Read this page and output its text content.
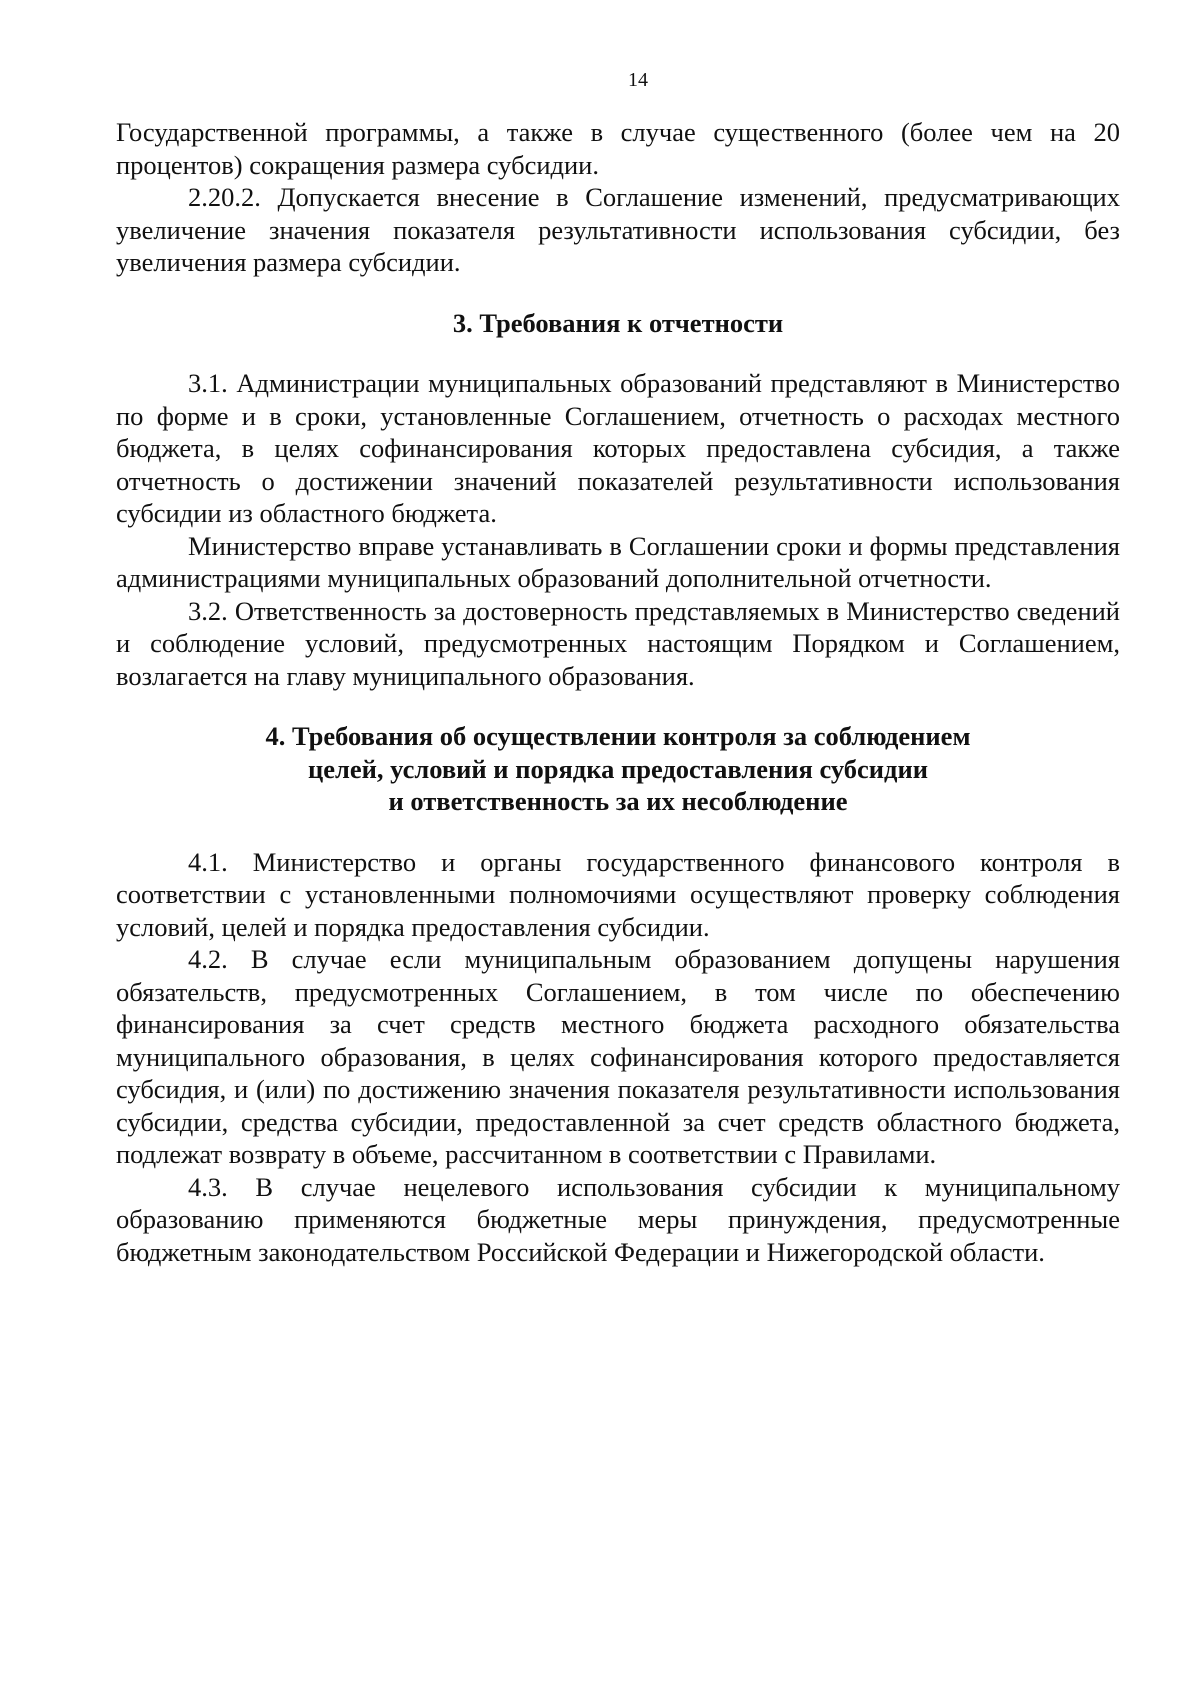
14

Государственной программы, а также в случае существенного (более чем на 20 процентов) сокращения размера субсидии.

2.20.2. Допускается внесение в Соглашение изменений, предусматривающих увеличение значения показателя результативности использования субсидии, без увеличения размера субсидии.

3. Требования к отчетности

3.1. Администрации муниципальных образований представляют в Министерство по форме и в сроки, установленные Соглашением, отчетность о расходах местного бюджета, в целях софинансирования которых предоставлена субсидия, а также отчетность о достижении значений показателей результативности использования субсидии из областного бюджета.

Министерство вправе устанавливать в Соглашении сроки и формы представления администрациями муниципальных образований дополнительной отчетности.

3.2. Ответственность за достоверность представляемых в Министерство сведений и соблюдение условий, предусмотренных настоящим Порядком и Соглашением, возлагается на главу муниципального образования.

4. Требования об осуществлении контроля за соблюдением
целей, условий и порядка предоставления субсидии
и ответственность за их несоблюдение

4.1. Министерство и органы государственного финансового контроля в соответствии с установленными полномочиями осуществляют проверку соблюдения условий, целей и порядка предоставления субсидии.

4.2. В случае если муниципальным образованием допущены нарушения обязательств, предусмотренных Соглашением, в том числе по обеспечению финансирования за счет средств местного бюджета расходного обязательства муниципального образования, в целях софинансирования которого предоставляется субсидия, и (или) по достижению значения показателя результативности использования субсидии, средства субсидии, предоставленной за счет средств областного бюджета, подлежат возврату в объеме, рассчитанном в соответствии с Правилами.

4.3. В случае нецелевого использования субсидии к муниципальному образованию применяются бюджетные меры принуждения, предусмотренные бюджетным законодательством Российской Федерации и Нижегородской области.
